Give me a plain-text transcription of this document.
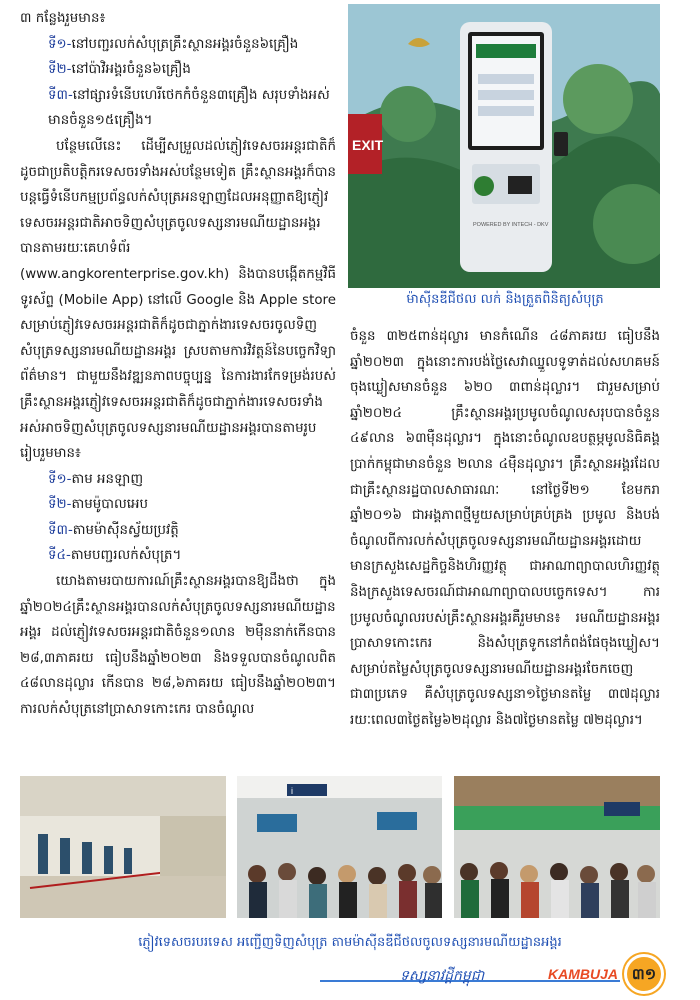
៣ កន្លែងរួមមាន៖

ទី១-នៅបញ្ជរលក់សំបុត្រគ្រឹះស្ថានអង្គរចំនួន៦គ្រឿង
ទី២-នៅប៉ាវិអង្គរចំនួន៦គ្រឿង
ទី៣-នៅផ្សារទំនើបហេរីថេកកំចំនួន៣គ្រឿង សរុបទាំងអស់មានចំនួន១៥គ្រឿង។

បន្ថែមលើនេះ ដើម្បីសម្រួលដល់ភ្ញៀវទេសចរអន្តរជាតិក៏ដូចជាប្រតិបត្តិករទេសចរទាំងអស់បន្ថែមទៀត គ្រឹះស្ថានអង្គរក៏បានបន្តធ្វើទំនើបកម្មប្រព័ន្ធលក់សំបុត្រអនឡាញដែលអនុញ្ញាតឱ្យភ្ញៀវទេសចរអន្តរជាតិអាចទិញសំបុត្រចូលទស្សនារមណីយដ្ឋានអង្គរបានតាមរយៈគេហទំព័រ (www.angkorenterprise.gov.kh) និងបានបង្កើតកម្មវិធីទូរស័ព្ទ (Mobile App) នៅលើ Google និង Apple store សម្រាប់ភ្ញៀវទេសចរអន្តរជាតិក៏ដូចជាភ្នាក់ងារទេសចរចូលទិញសំបុត្រទស្សនារមណីយដ្ឋានអង្គរ ស្របតាមការវិវត្តន៍នៃបច្ចេកវិទ្យាព័ត៌មាន។ ជាមួយនឹងវឌ្ឍនភាពបច្ចុប្បន្ន នៃការងារកែទម្រង់របស់គ្រឹះស្ថានអង្គរភ្ញៀវទេសចរអន្តរជាតិក៏ដូចជាភ្នាក់ងារទេសចរទាំងអស់អាចទិញសំបុត្រចូលទស្សនារមណីយដ្ឋានអង្គរបានតាមរូបរៀបរួមមាន៖

ទី១-តាម អនឡាញ
ទី២-តាមម៉ូបាលអេប
ទី៣-តាមម៉ាស៊ីនស្វ័យប្រវត្តិ
ទី៤-តាមបញ្ជរលក់សំបុត្រ។

យោងតាមរបាយការណ៍គ្រឹះស្ថានអង្គរបានឱ្យដឹងថា ក្នុងឆ្នាំ២០២៤គ្រឹះស្ថានអង្គរបានលក់សំបុត្រចូលទស្សនារមណីយដ្ឋានអង្គរ ដល់ភ្ញៀវទេសចរអន្តរជាតិចំនួន១លាន ២ម៉ឺននាក់កើនបាន ២៨,៣ភាគរយ ធៀបនឹងឆ្នាំ២០២៣ និងទទួលបានចំណូលពិត ៤៨លានដុល្លារ កើនបាន ២៨,៦ភាគរយ ធៀបនឹងឆ្នាំ២០២៣។ ការលក់សំបុត្រនៅប្រាសាទកោះកេរ បានចំណូល

EXIT
POWERED BY INTECH - DKV
ម៉ាស៊ីនឌីជីថល លក់ និងត្រួតពិនិត្យសំបុត្រ
ចំនួន ៣២៥ពាន់ដុល្លារ មានកំណើន ៤៨ភាគរយ ធៀបនឹងឆ្នាំ២០២៣ ក្នុងនោះការបង់ថ្លៃសេវាឈ្នួលទូទាត់ដល់សហគមន៍ចុងឃ្លៀសមានចំនួន ៦២០ ៣ពាន់ដុល្លារ។ ជារួមសម្រាប់ឆ្នាំ២០២៤ គ្រឹះស្ថានអង្គរប្រមូលចំណូលសរុបបានចំនួន ៤៩លាន ៦៣ម៉ឺនដុល្លារ។ ក្នុងនោះចំណូលឧបត្ថម្ភមូលនិធិគង្គប្រាក់កម្ពុជាមានចំនួន ២លាន ៤ម៉ឺនដុល្លារ។ គ្រឹះស្ថានអង្គរដែលជាគ្រឹះស្ថានរដ្ឋបាលសាធារណៈ នៅថ្ងៃទី២១ ខែមករា ឆ្នាំ២០១៦ ជាអង្គភាពថ្មីមួយសម្រាប់គ្រប់គ្រង ប្រមូល និងបង់ចំណូលពីការលក់សំបុត្រចូលទស្សនារមណីយដ្ឋានអង្គរដោយមានក្រសួងសេដ្ឋកិច្ចនិងហិរញ្ញវត្ថុ ជាអាណាព្យាបាលហិរញ្ញវត្ថុ និងក្រសួងទេសចរណ៍ជាអាណាព្យាបាលបច្ចេកទេស។ ការប្រមូលចំណូលរបស់គ្រឹះស្ថានអង្គរគឺរួមមាន៖ រមណីយដ្ឋានអង្គរ ប្រាសាទកោះកេរ និងសំបុត្រទូកនៅកំពង់ផែចុងឃ្លៀស។ សម្រាប់តម្លៃសំបុត្រចូលទស្សនារមណីយដ្ឋានអង្គរចែកចេញជា៣ប្រភេទ គឺសំបុត្រចូលទស្សនា១ថ្ងៃមានតម្លៃ ៣៧ដុល្លារ រយៈពេល៣ថ្ងៃតម្លៃ៦២ដុល្លារ និង៧ថ្ងៃមានតម្លៃ ៧២ដុល្លារ។
i
ភ្ញៀវទេសចរបរទេស អញ្ជើញទិញសំបុត្រ តាមម៉ាស៊ីនឌីជីថលចូលទស្សនារមណីយដ្ឋានអង្គរ
ទស្សនាវដ្តីកម្ពុជា	KAMBUJA ៣១
